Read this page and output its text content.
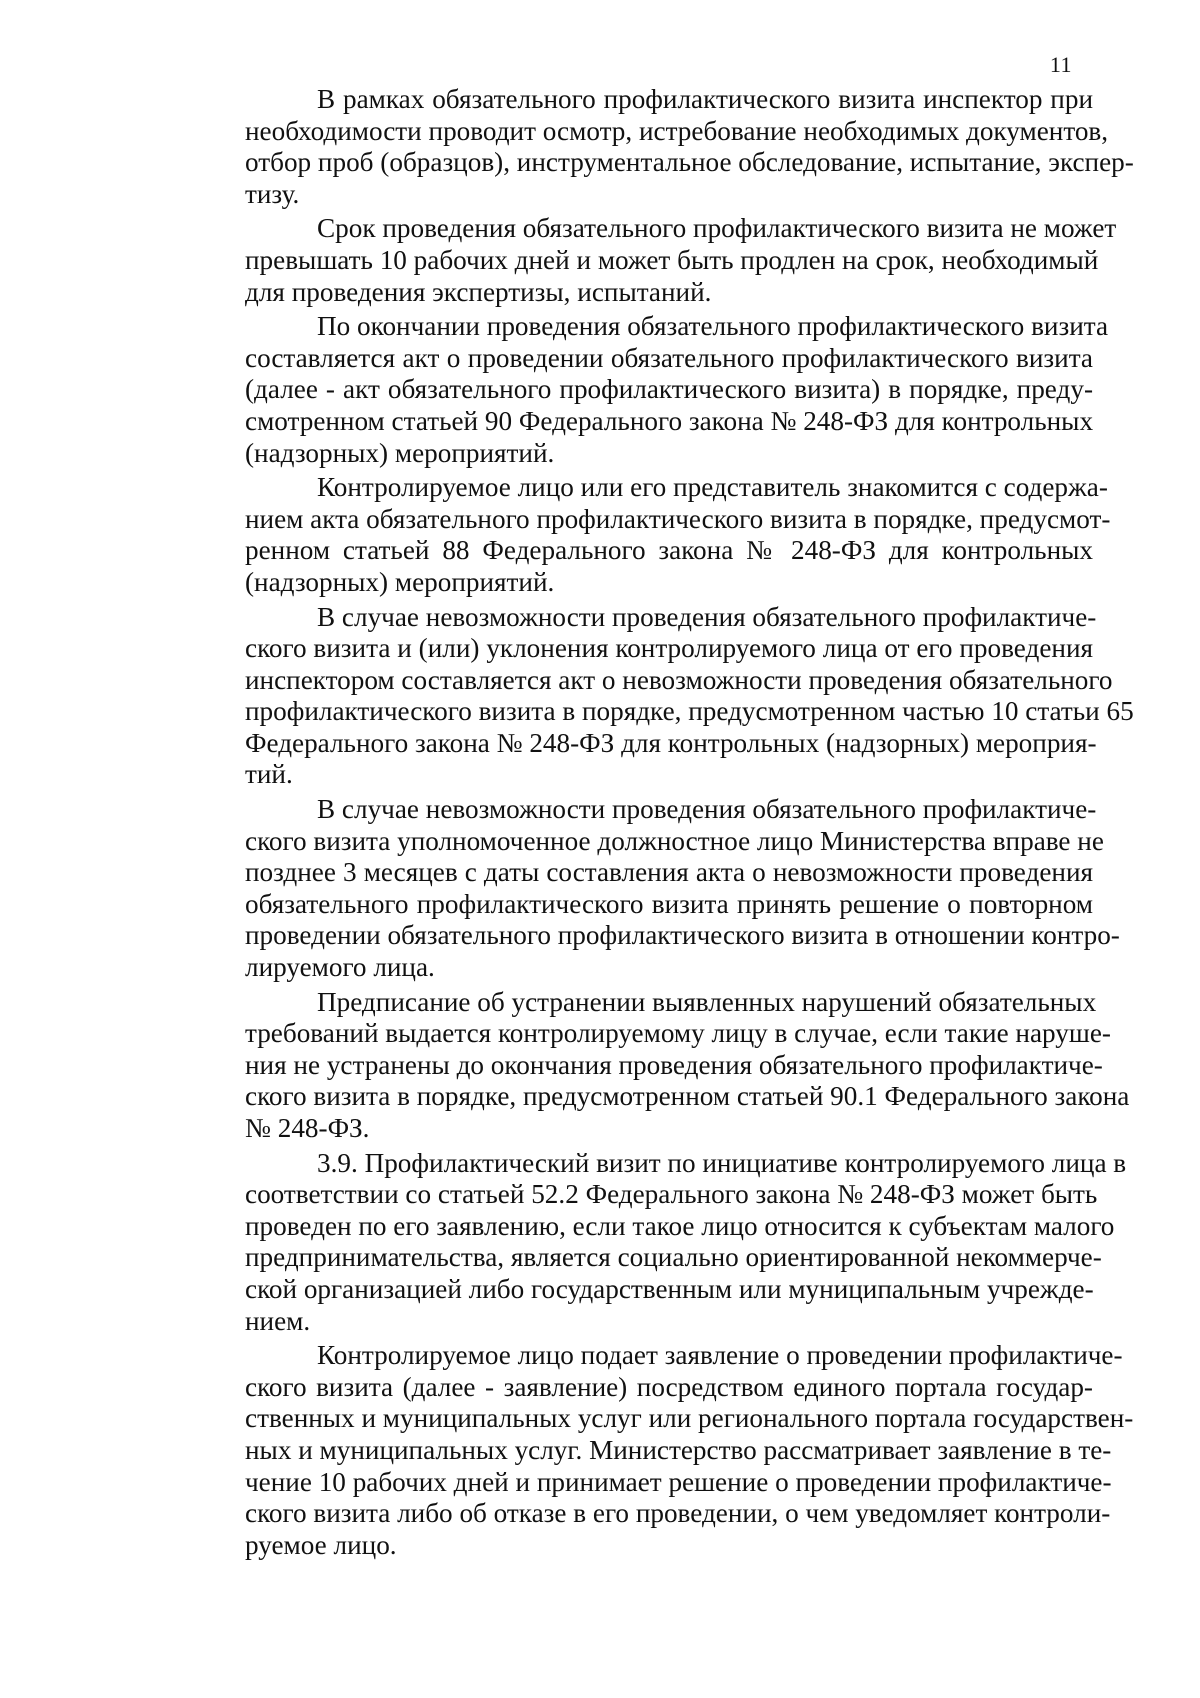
11
В рамках обязательного профилактического визита инспектор при
необходимости проводит осмотр, истребование необходимых документов,
отбор проб (образцов), инструментальное обследование, испытание, экспер-
тизу.
Срок проведения обязательного профилактического визита не может
превышать 10 рабочих дней и может быть продлен на срок, необходимый
для проведения экспертизы, испытаний.
По окончании проведения обязательного профилактического визита
составляется акт о проведении обязательного профилактического визита
(далее - акт обязательного профилактического визита) в порядке, преду-
смотренном статьей 90 Федерального закона № 248-ФЗ для контрольных
(надзорных) мероприятий.
Контролируемое лицо или его представитель знакомится с содержа-
нием акта обязательного профилактического визита в порядке, предусмот-
ренном статьей 88 Федерального закона № 248-ФЗ для контрольных
(надзорных) мероприятий.
В случае невозможности проведения обязательного профилактиче-
ского визита и (или) уклонения контролируемого лица от его проведения
инспектором составляется акт о невозможности проведения обязательного
профилактического визита в порядке, предусмотренном частью 10 статьи 65
Федерального закона № 248-ФЗ для контрольных (надзорных) мероприя-
тий.
В случае невозможности проведения обязательного профилактиче-
ского визита уполномоченное должностное лицо Министерства вправе не
позднее 3 месяцев с даты составления акта о невозможности проведения
обязательного профилактического визита принять решение о повторном
проведении обязательного профилактического визита в отношении контро-
лируемого лица.
Предписание об устранении выявленных нарушений обязательных
требований выдается контролируемому лицу в случае, если такие наруше-
ния не устранены до окончания проведения обязательного профилактиче-
ского визита в порядке, предусмотренном статьей 90.1 Федерального закона
№ 248-ФЗ.
3.9. Профилактический визит по инициативе контролируемого лица в
соответствии со статьей 52.2 Федерального закона № 248-ФЗ может быть
проведен по его заявлению, если такое лицо относится к субъектам малого
предпринимательства, является социально ориентированной некоммерче-
ской организацией либо государственным или муниципальным учрежде-
нием.
Контролируемое лицо подает заявление о проведении профилактиче-
ского визита (далее - заявление) посредством единого портала государ-
ственных и муниципальных услуг или регионального портала государствен-
ных и муниципальных услуг. Министерство рассматривает заявление в те-
чение 10 рабочих дней и принимает решение о проведении профилактиче-
ского визита либо об отказе в его проведении, о чем уведомляет контроли-
руемое лицо.
